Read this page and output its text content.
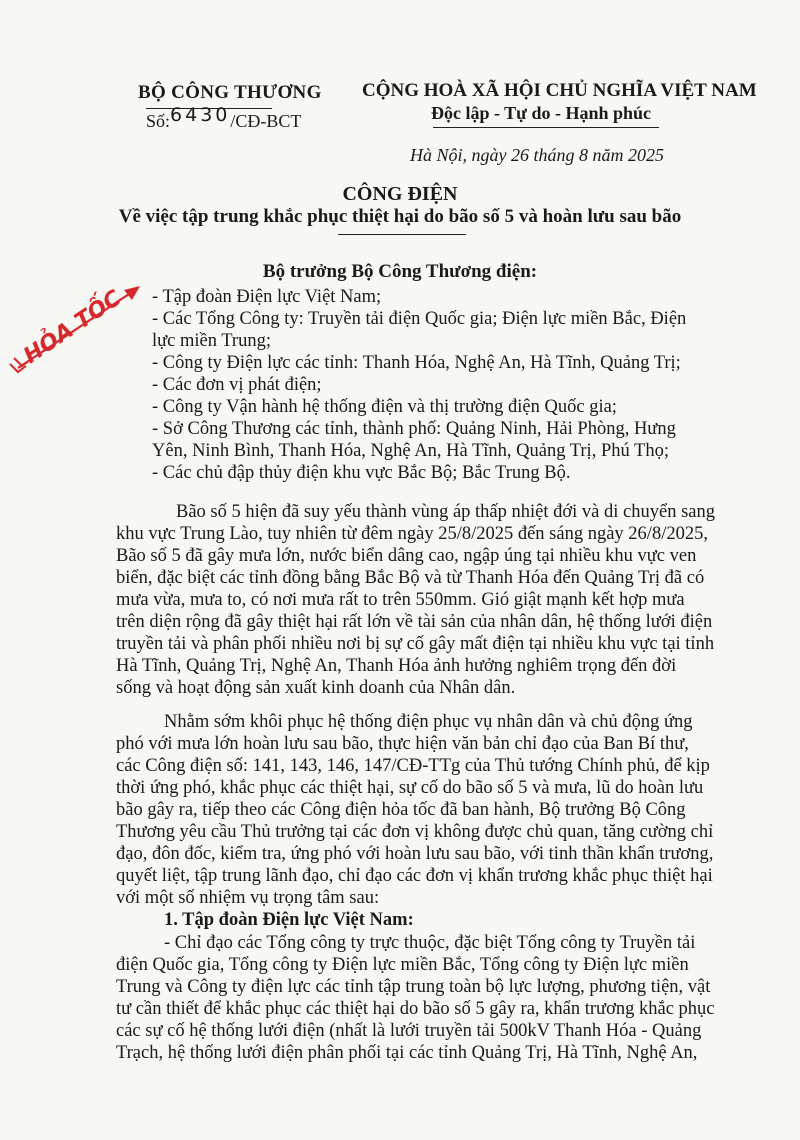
BỘ CÔNG THƯƠNG
Số:6430/CĐ-BCT
CỘNG HOÀ XÃ HỘI CHỦ NGHĨA VIỆT NAM
Độc lập - Tự do - Hạnh phúc
Hà Nội, ngày 26 tháng 8 năm 2025
HỎA TỐC
CÔNG ĐIỆN
Về việc tập trung khắc phục thiệt hại do bão số 5 và hoàn lưu sau bão
Bộ trưởng Bộ Công Thương điện:
- Tập đoàn Điện lực Việt Nam;
- Các Tổng Công ty: Truyền tải điện Quốc gia; Điện lực miền Bắc, Điện
lực miền Trung;
- Công ty Điện lực các tỉnh: Thanh Hóa, Nghệ An, Hà Tĩnh, Quảng Trị;
- Các đơn vị phát điện;
- Công ty Vận hành hệ thống điện và thị trường điện Quốc gia;
- Sở Công Thương các tỉnh, thành phố: Quảng Ninh, Hải Phòng, Hưng
Yên, Ninh Bình, Thanh Hóa, Nghệ An, Hà Tĩnh, Quảng Trị, Phú Thọ;
- Các chủ đập thủy điện khu vực Bắc Bộ; Bắc Trung Bộ.
Bão số 5 hiện đã suy yếu thành vùng áp thấp nhiệt đới và di chuyển sang
khu vực Trung Lào, tuy nhiên từ đêm ngày 25/8/2025 đến sáng ngày 26/8/2025,
Bão số 5 đã gây mưa lớn, nước biển dâng cao, ngập úng tại nhiều khu vực ven
biển, đặc biệt các tỉnh đồng bằng Bắc Bộ và từ Thanh Hóa đến Quảng Trị đã có
mưa vừa, mưa to, có nơi mưa rất to trên 550mm. Gió giật mạnh kết hợp mưa
trên diện rộng đã gây thiệt hại rất lớn về tài sản của nhân dân, hệ thống lưới điện
truyền tải và phân phối nhiều nơi bị sự cố gây mất điện tại nhiều khu vực tại tỉnh
Hà Tĩnh, Quảng Trị, Nghệ An, Thanh Hóa ảnh hưởng nghiêm trọng đến đời
sống và hoạt động sản xuất kinh doanh của Nhân dân.
Nhằm sớm khôi phục hệ thống điện phục vụ nhân dân và chủ động ứng
phó với mưa lớn hoàn lưu sau bão, thực hiện văn bản chỉ đạo của Ban Bí thư,
các Công điện số: 141, 143, 146, 147/CĐ-TTg của Thủ tướng Chính phủ, để kịp
thời ứng phó, khắc phục các thiệt hại, sự cố do bão số 5 và mưa, lũ do hoàn lưu
bão gây ra, tiếp theo các Công điện hỏa tốc đã ban hành, Bộ trưởng Bộ Công
Thương yêu cầu Thủ trưởng tại các đơn vị không được chủ quan, tăng cường chỉ
đạo, đôn đốc, kiểm tra, ứng phó với hoàn lưu sau bão, với tinh thần khẩn trương,
quyết liệt, tập trung lãnh đạo, chỉ đạo các đơn vị khẩn trương khắc phục thiệt hại
với một số nhiệm vụ trọng tâm sau:
1. Tập đoàn Điện lực Việt Nam:
- Chỉ đạo các Tổng công ty trực thuộc, đặc biệt Tổng công ty Truyền tải
điện Quốc gia, Tổng công ty Điện lực miền Bắc, Tổng công ty Điện lực miền
Trung và Công ty điện lực các tỉnh tập trung toàn bộ lực lượng, phương tiện, vật
tư cần thiết để khắc phục các thiệt hại do bão số 5 gây ra, khẩn trương khắc phục
các sự cố hệ thống lưới điện (nhất là lưới truyền tải 500kV Thanh Hóa - Quảng
Trạch, hệ thống lưới điện phân phối tại các tỉnh Quảng Trị, Hà Tĩnh, Nghệ An,
